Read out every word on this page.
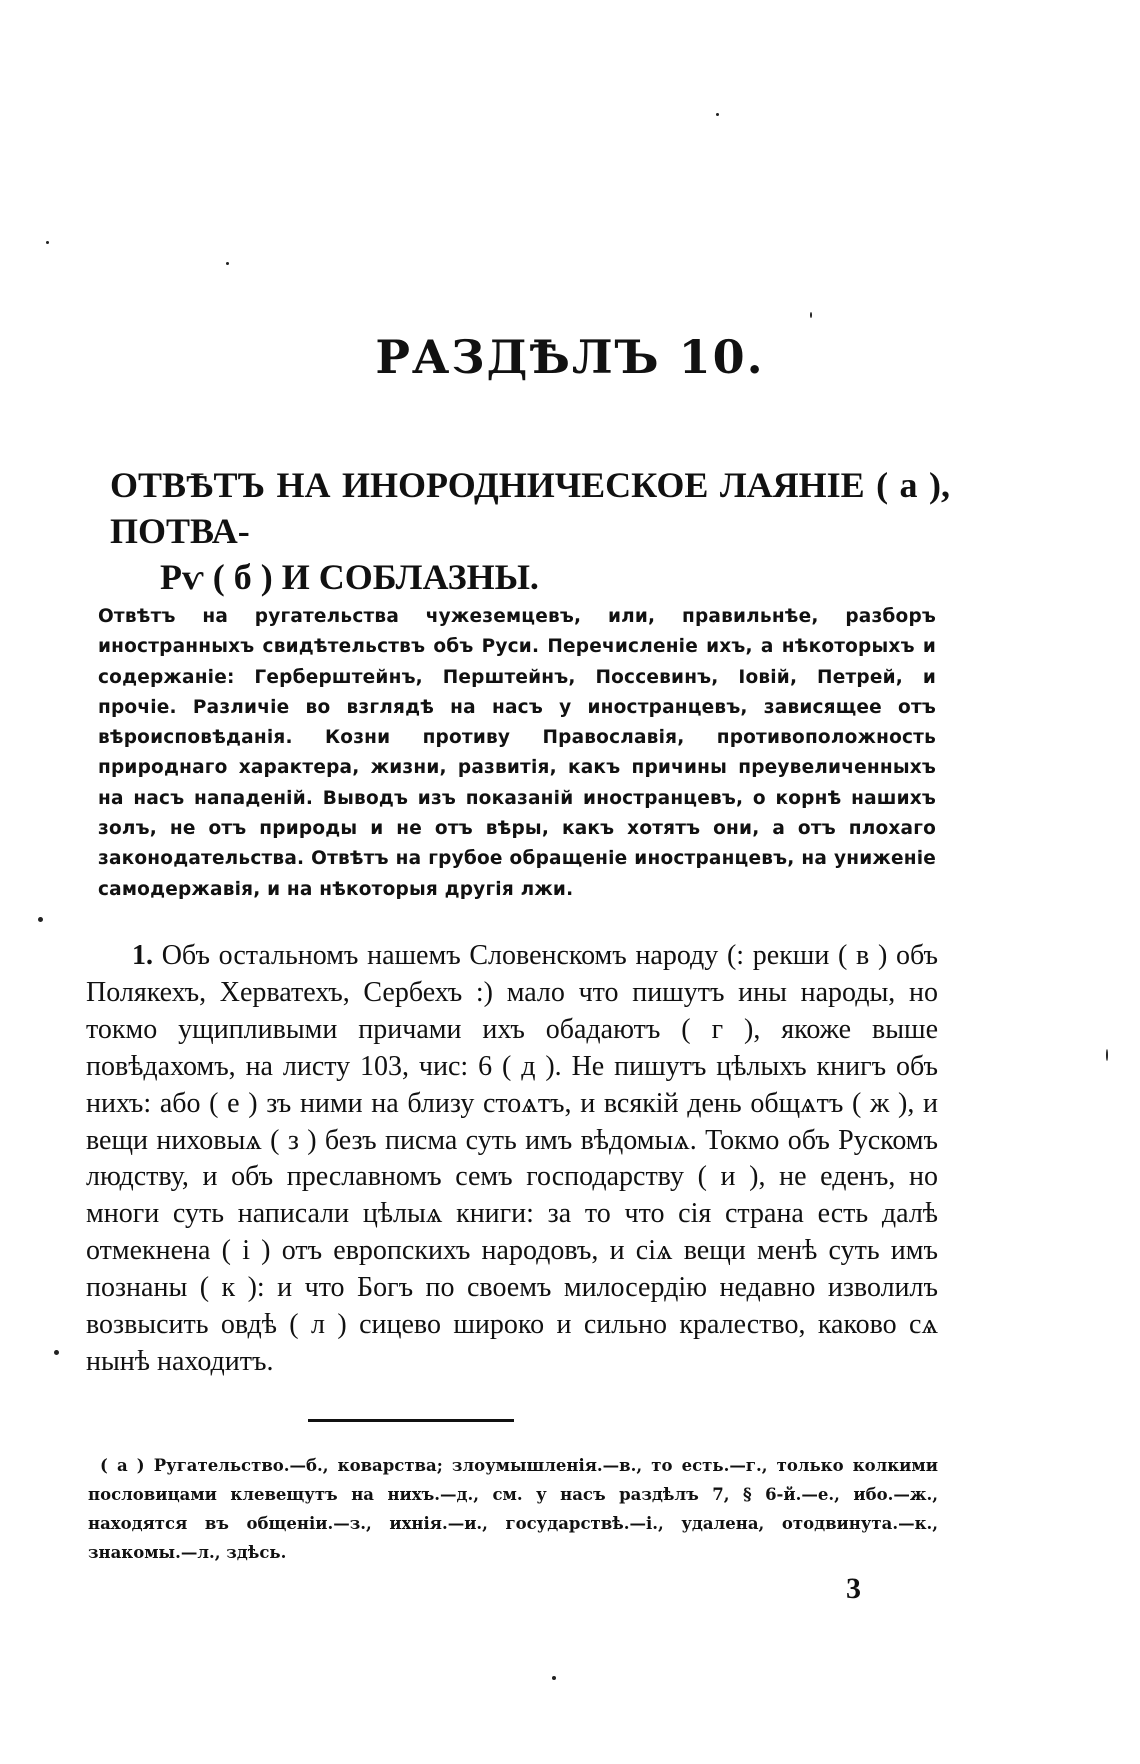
РАЗДѢЛЪ 10.
ОТВѢТЪ НА ИНОРОДНИЧЕСКОЕ ЛАЯНІЕ ( а ), ПОТВА-
Рѵ ( б ) И СОБЛАЗНЫ.
Отвѣтъ на ругательства чужеземцевъ, или, правильнѣе, разборъ иностранныхъ свидѣтельствъ объ Руси. Перечисленіе ихъ, а нѣкоторыхъ и содержаніе: Герберштейнъ, Перштейнъ, Поссевинъ, Іовій, Петрей, и прочіе. Различіе во взглядѣ на насъ у иностранцевъ, зависящее отъ вѣроисповѣданія. Козни противу Православія, противоположность природнаго характера, жизни, развитія, какъ причины преувеличенныхъ на насъ нападеній. Выводъ изъ показаній иностранцевъ, о корнѣ нашихъ золъ, не отъ природы и не отъ вѣры, какъ хотятъ они, а отъ плохаго законодательства. Отвѣтъ на грубое обращеніе иностранцевъ, на униженіе самодержавія, и на нѣкоторыя другія лжи.
1. Объ остальномъ нашемъ Словенскомъ народу (: рекши ( в ) объ Полякехъ, Херватехъ, Сербехъ :) мало что пишутъ ины народы, но токмо ущипливыми причами ихъ обадаютъ ( г ), якоже выше повѣдахомъ, на листу 103, чис: 6 ( д ). Не пишутъ цѣлыхъ книгъ объ нихъ: або ( е ) зъ ними на близу стоѧтъ, и всякій день общѧтъ ( ж ), и вещи ниховыѧ ( з ) безъ писма суть имъ вѣдомыѧ. Токмо объ Рускомъ людству, и объ преславномъ семъ господарству ( и ), не еденъ, но многи суть написали цѣлыѧ книги: за то что сія страна есть далѣ отмекнена ( і ) отъ европскихъ народовъ, и сіѧ вещи менѣ суть имъ познаны ( к ): и что Богъ по своемъ милосердію недавно изволилъ возвысить овдѣ ( л ) сицево широко и сильно кралество, каково сѧ нынѣ находитъ.
( а ) Ругательство.—б., коварства; злоумышленія.—в., то есть.—г., только колкими пословицами клевещутъ на нихъ.—д., см. у насъ раздѣлъ 7, § 6-й.—е., ибо.—ж., находятся въ общеніи.—з., ихнія.—и., государствѣ.—і., удалена, отодвинута.—к., знакомы.—л., здѣсь.
3
